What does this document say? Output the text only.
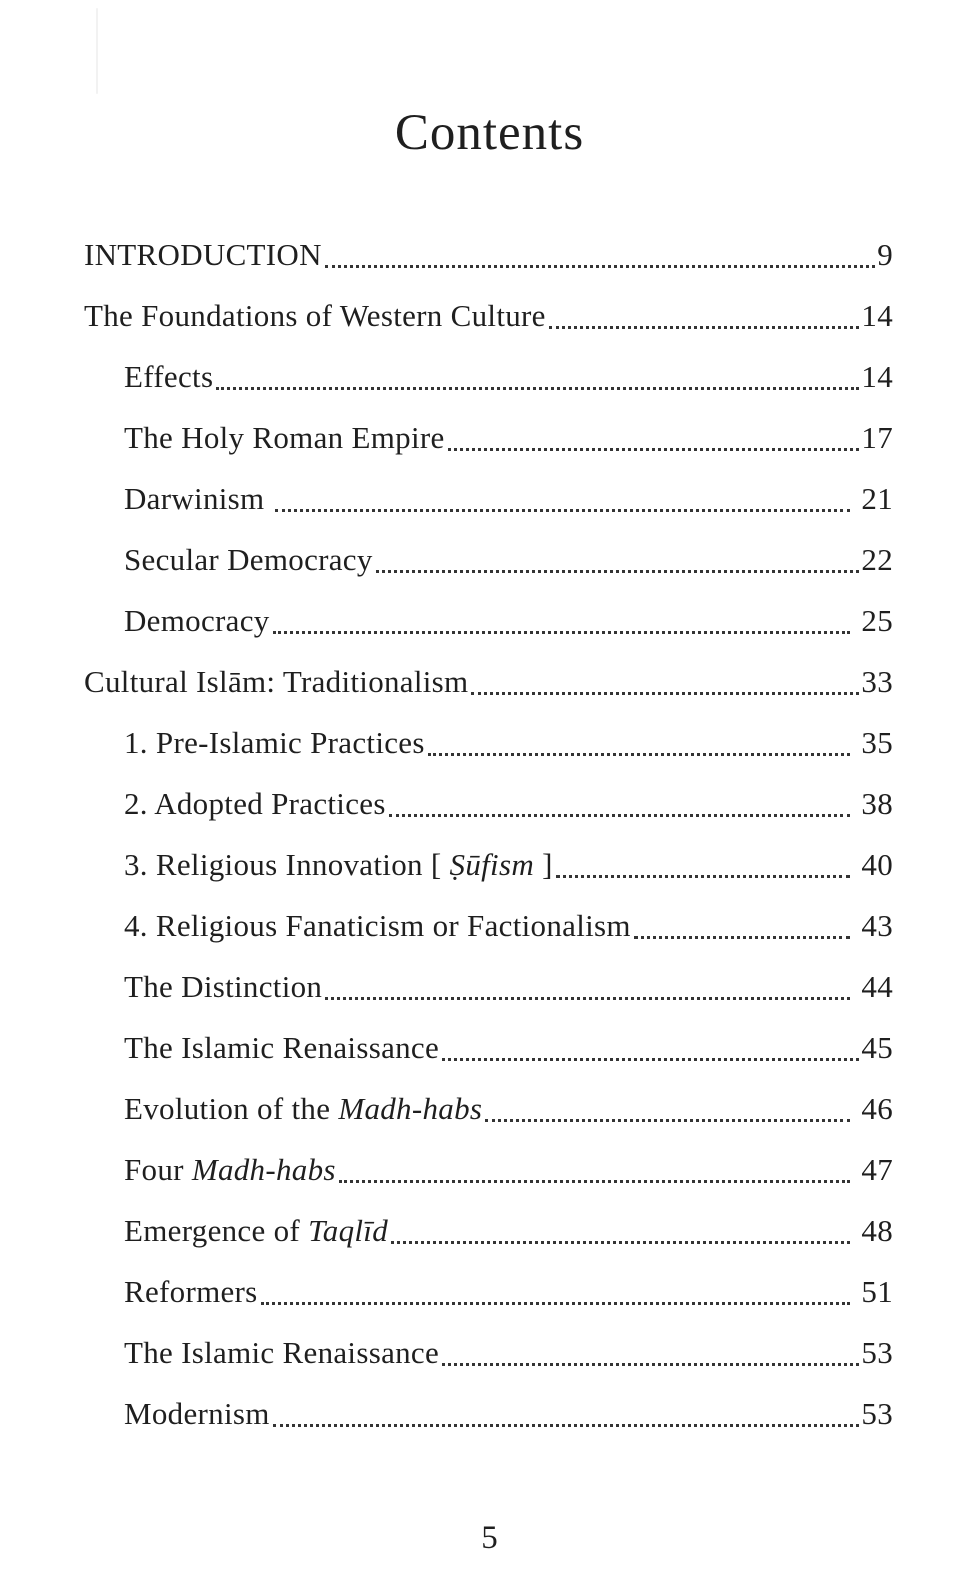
Contents
INTRODUCTION	9
The Foundations of Western Culture	14
Effects	14
The Holy Roman Empire	17
Darwinism	21
Secular Democracy	22
Democracy	25
Cultural Islām: Traditionalism	33
1. Pre-Islamic Practices	35
2. Adopted Practices	38
3. Religious Innovation [ Ṣūfism ]	40
4. Religious Fanaticism or Factionalism	43
The Distinction	44
The Islamic Renaissance	45
Evolution of the Madh-habs	46
Four Madh-habs	47
Emergence of Taqlīd	48
Reformers	51
The Islamic Renaissance	53
Modernism	53
5
